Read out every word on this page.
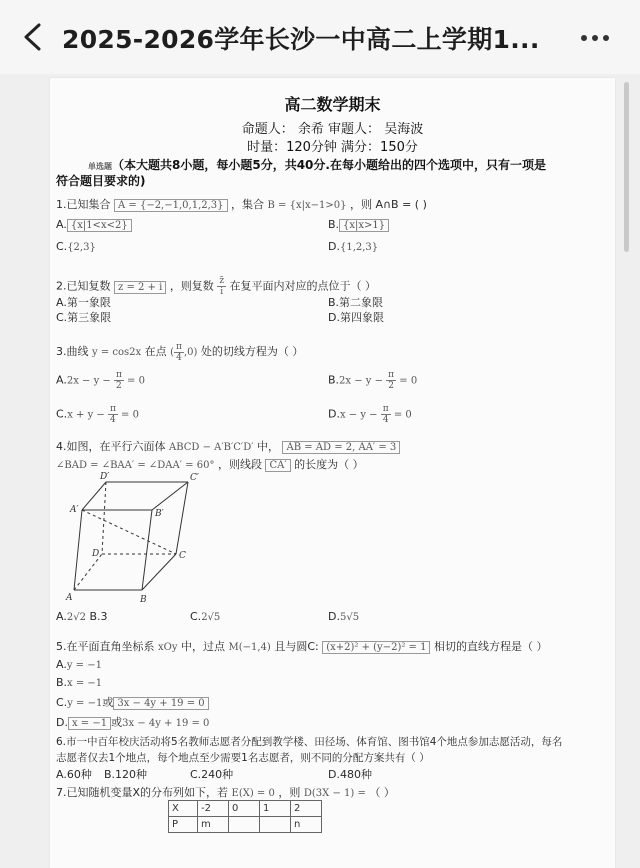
2025-2026学年长沙一中高二上学期1...
高二数学期末
命题人： 余希 审题人： 吴海波
时量：120分钟 满分：150分
单选题（本大题共8小题，每小题5分，共40分.在每小题给出的四个选项中，只有一项是
符合题目要求的)
1.已知集合 A = {−2,−1,0,1,2,3} ，集合 B = {x|x−1>0} ，则 A∩B = ( )
A. {x|1<x<2}	B. {x|x>1}
C.{2,3}	D.{1,2,3}
2.已知复数 z = 2 + i ，则复数 $\frac{z̄}{i}$ 在复平面内对应的点位于（ ）
A.第一象限	B.第二象限
C.第三象限	D.第四象限
3.曲线 y = cos2x 在点 ( $\frac{\pi}{4} ,0$) 处的切线方程为（ ）
$A.2x - y - \frac{\pi}{2} = 0$	$B.2x - y - \frac{\pi}{2} = 0$
$C.x + y - \frac{\pi}{4} = 0$	$D.x - y - \frac{\pi}{4} = 0$
4.如图，在平行六面体 ABCD − A′B′C′D′ 中， AB = AD = 2, AA′ = 3
∠BAD = ∠BAA′ = ∠DAA′ = 60° ，则线段 CA′ 的长度为（ ）
D′	C′
A′	B′
D	C
A	B
A.2√2 B.3	C.2√5	D.5√5
5.在平面直角坐标系 xOy 中，过点 M(−1,4) 且与圆C: (x+2)² + (y−2)² = 1 相切的直线方程是（ ）
A.y = −1
B.x = −1
C.y = −1或 3x − 4y + 19 = 0
D. x = −1 或3x − 4y + 19 = 0
6.市一中百年校庆活动将5名教师志愿者分配到教学楼、田径场、体育馆、图书馆4个地点参加志愿活动，每名
志愿者仅去1个地点，每个地点至少需要1名志愿者，则不同的分配方案共有（ ）
A.60种 B.120种	C.240种	D.480种
7.已知随机变量X的分布列如下，若 E(X) = 0 ，则 D(3X − 1) = （ ）
X	-2	0	1	2
P	m			n
